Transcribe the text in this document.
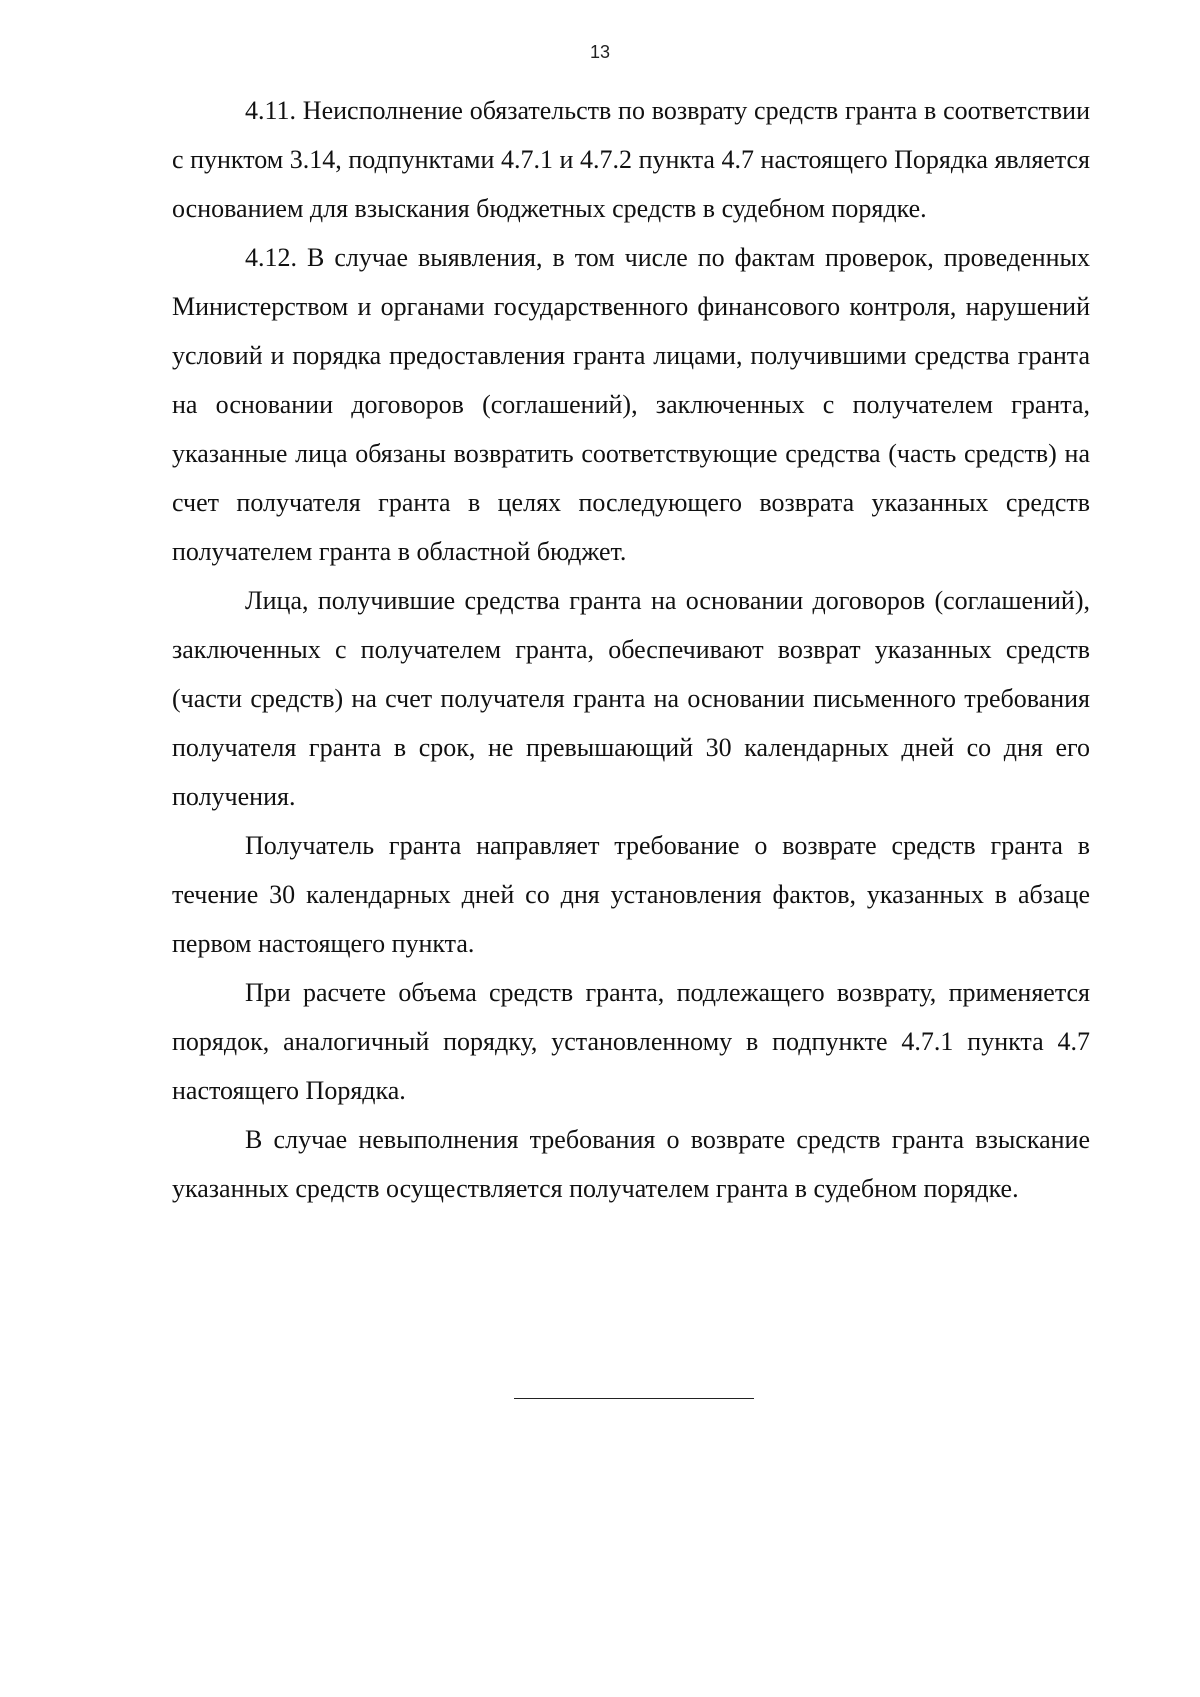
13

4.11. Неисполнение обязательств по возврату средств гранта в соответствии с пунктом 3.14, подпунктами 4.7.1 и 4.7.2 пункта 4.7 настоящего Порядка является основанием для взыскания бюджетных средств в судебном порядке.

4.12. В случае выявления, в том числе по фактам проверок, проведенных Министерством и органами государственного финансового контроля, нарушений условий и порядка предоставления гранта лицами, получившими средства гранта на основании договоров (соглашений), заключенных с получателем гранта, указанные лица обязаны возвратить соответствующие средства (часть средств) на счет получателя гранта в целях последующего возврата указанных средств получателем гранта в областной бюджет.

Лица, получившие средства гранта на основании договоров (соглашений), заключенных с получателем гранта, обеспечивают возврат указанных средств (части средств) на счет получателя гранта на основании письменного требования получателя гранта в срок, не превышающий 30 календарных дней со дня его получения.

Получатель гранта направляет требование о возврате средств гранта в течение 30 календарных дней со дня установления фактов, указанных в абзаце первом настоящего пункта.

При расчете объема средств гранта, подлежащего возврату, применяется порядок, аналогичный порядку, установленному в подпункте 4.7.1 пункта 4.7 настоящего Порядка.

В случае невыполнения требования о возврате средств гранта взыскание указанных средств осуществляется получателем гранта в судебном порядке.
